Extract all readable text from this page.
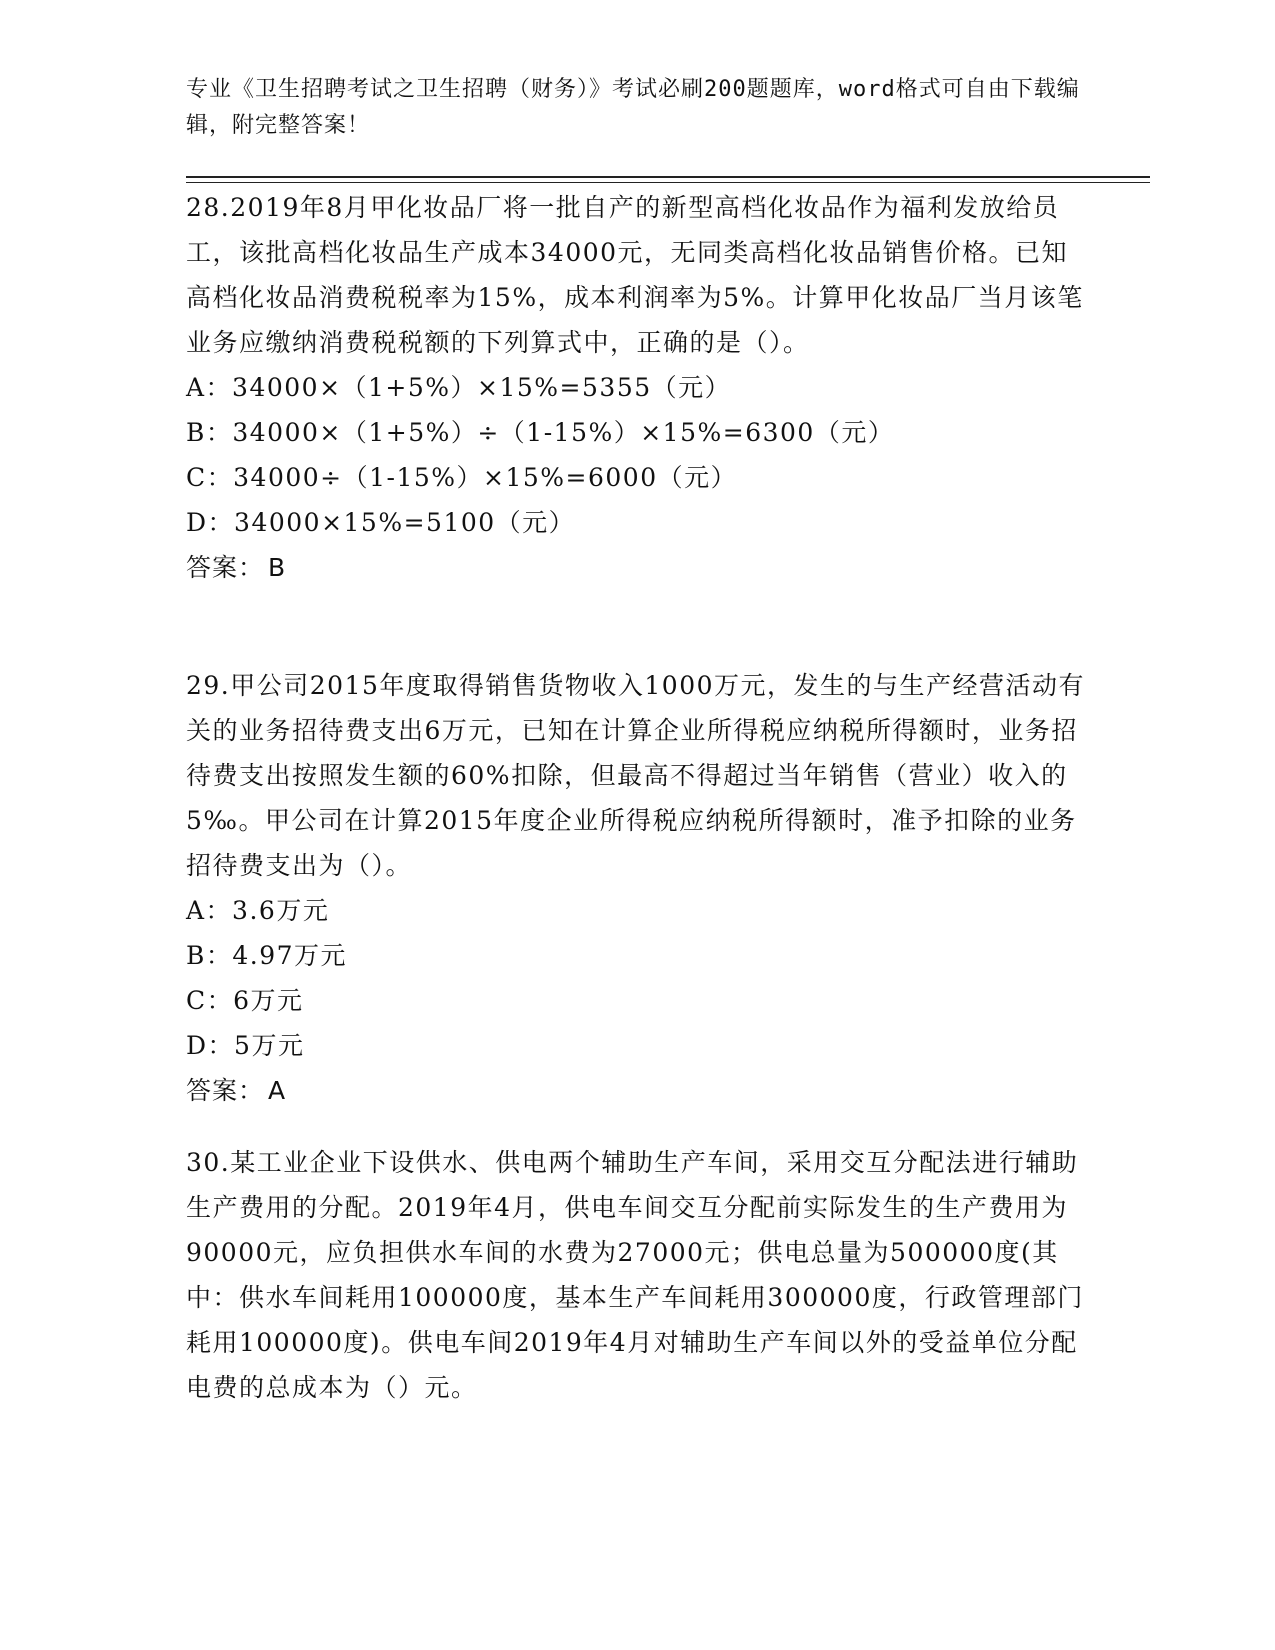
专业《卫生招聘考试之卫生招聘（财务）》考试必刷200题题库，word格式可自由下载编辑，附完整答案！

28.2019年8月甲化妆品厂将一批自产的新型高档化妆品作为福利发放给员工，该批高档化妆品生产成本34000元，无同类高档化妆品销售价格。已知高档化妆品消费税税率为15%，成本利润率为5%。计算甲化妆品厂当月该笔业务应缴纳消费税税额的下列算式中，正确的是（）。

A：34000×（1+5%）×15%=5355（元）

B：34000×（1+5%）÷（1-15%）×15%=6300（元）

C：34000÷（1-15%）×15%=6000（元）

D：34000×15%=5100（元）

答案： B

29.甲公司2015年度取得销售货物收入1000万元，发生的与生产经营活动有关的业务招待费支出6万元，已知在计算企业所得税应纳税所得额时，业务招待费支出按照发生额的60%扣除，但最高不得超过当年销售（营业）收入的5‰。甲公司在计算2015年度企业所得税应纳税所得额时，准予扣除的业务招待费支出为（）。

A：3.6万元

B：4.97万元

C：6万元

D：5万元

答案： A

30.某工业企业下设供水、供电两个辅助生产车间，采用交互分配法进行辅助生产费用的分配。2019年4月，供电车间交互分配前实际发生的生产费用为90000元，应负担供水车间的水费为27000元；供电总量为500000度(其中：供水车间耗用100000度，基本生产车间耗用300000度，行政管理部门耗用100000度)。供电车间2019年4月对辅助生产车间以外的受益单位分配电费的总成本为（）元。
